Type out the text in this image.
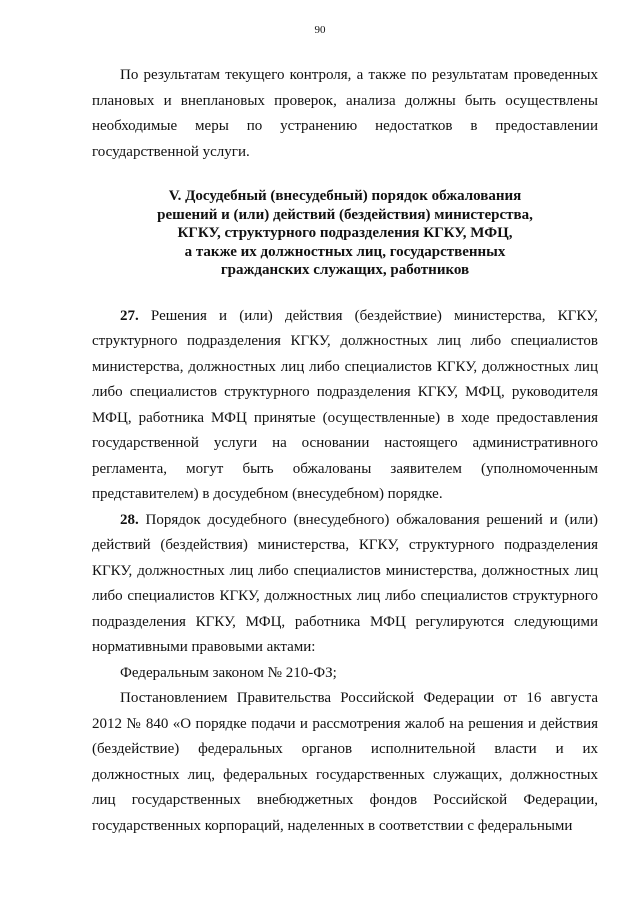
90

По результатам текущего контроля, а также по результатам проведенных плановых и внеплановых проверок, анализа должны быть осуществлены необходимые меры по устранению недостатков в предоставлении государственной услуги.

V. Досудебный (внесудебный) порядок обжалования
решений и (или) действий (бездействия) министерства,
КГКУ, структурного подразделения КГКУ, МФЦ,
а также их должностных лиц, государственных
гражданских служащих, работников

27. Решения и (или) действия (бездействие) министерства, КГКУ, структурного подразделения КГКУ, должностных лиц либо специалистов министерства, должностных лиц либо специалистов КГКУ, должностных лиц либо специалистов структурного подразделения КГКУ, МФЦ, руководителя МФЦ, работника МФЦ принятые (осуществленные) в ходе предоставления государственной услуги на основании настоящего административного регламента, могут быть обжалованы заявителем (уполномоченным представителем) в досудебном (внесудебном) порядке.

28. Порядок досудебного (внесудебного) обжалования решений и (или) действий (бездействия) министерства, КГКУ, структурного подразделения КГКУ, должностных лиц либо специалистов министерства, должностных лиц либо специалистов КГКУ, должностных лиц либо специалистов структурного подразделения КГКУ, МФЦ, работника МФЦ регулируются следующими нормативными правовыми актами:

Федеральным законом № 210-ФЗ;

Постановлением Правительства Российской Федерации от 16 августа 2012 № 840 «О порядке подачи и рассмотрения жалоб на решения и действия (бездействие) федеральных органов исполнительной власти и их должностных лиц, федеральных государственных служащих, должностных лиц государственных внебюджетных фондов Российской Федерации, государственных корпораций, наделенных в соответствии с федеральными
